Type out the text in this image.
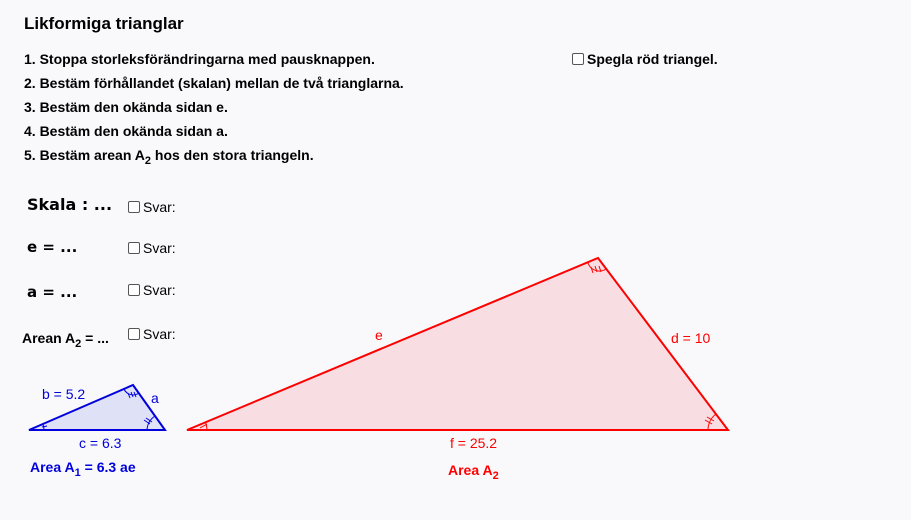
Likformiga trianglar
1. Stoppa storleksförändringarna med pausknappen.
2. Bestäm förhållandet (skalan) mellan de två trianglarna.
3. Bestäm den okända sidan e.
4. Bestäm den okända sidan a.
5. Bestäm arean $A_2$ hos den stora triangeln.
Spegla röd triangel.
Skala : ... Svar:
e = ...	Svar:
a = ...	Svar:
Arean $A_2$ = ... Svar:
b = 5.2	a
c = 6.3
e	d = 10
f = 25.2
Area $A_1 = 6.3$ ae	Area $A_2$
